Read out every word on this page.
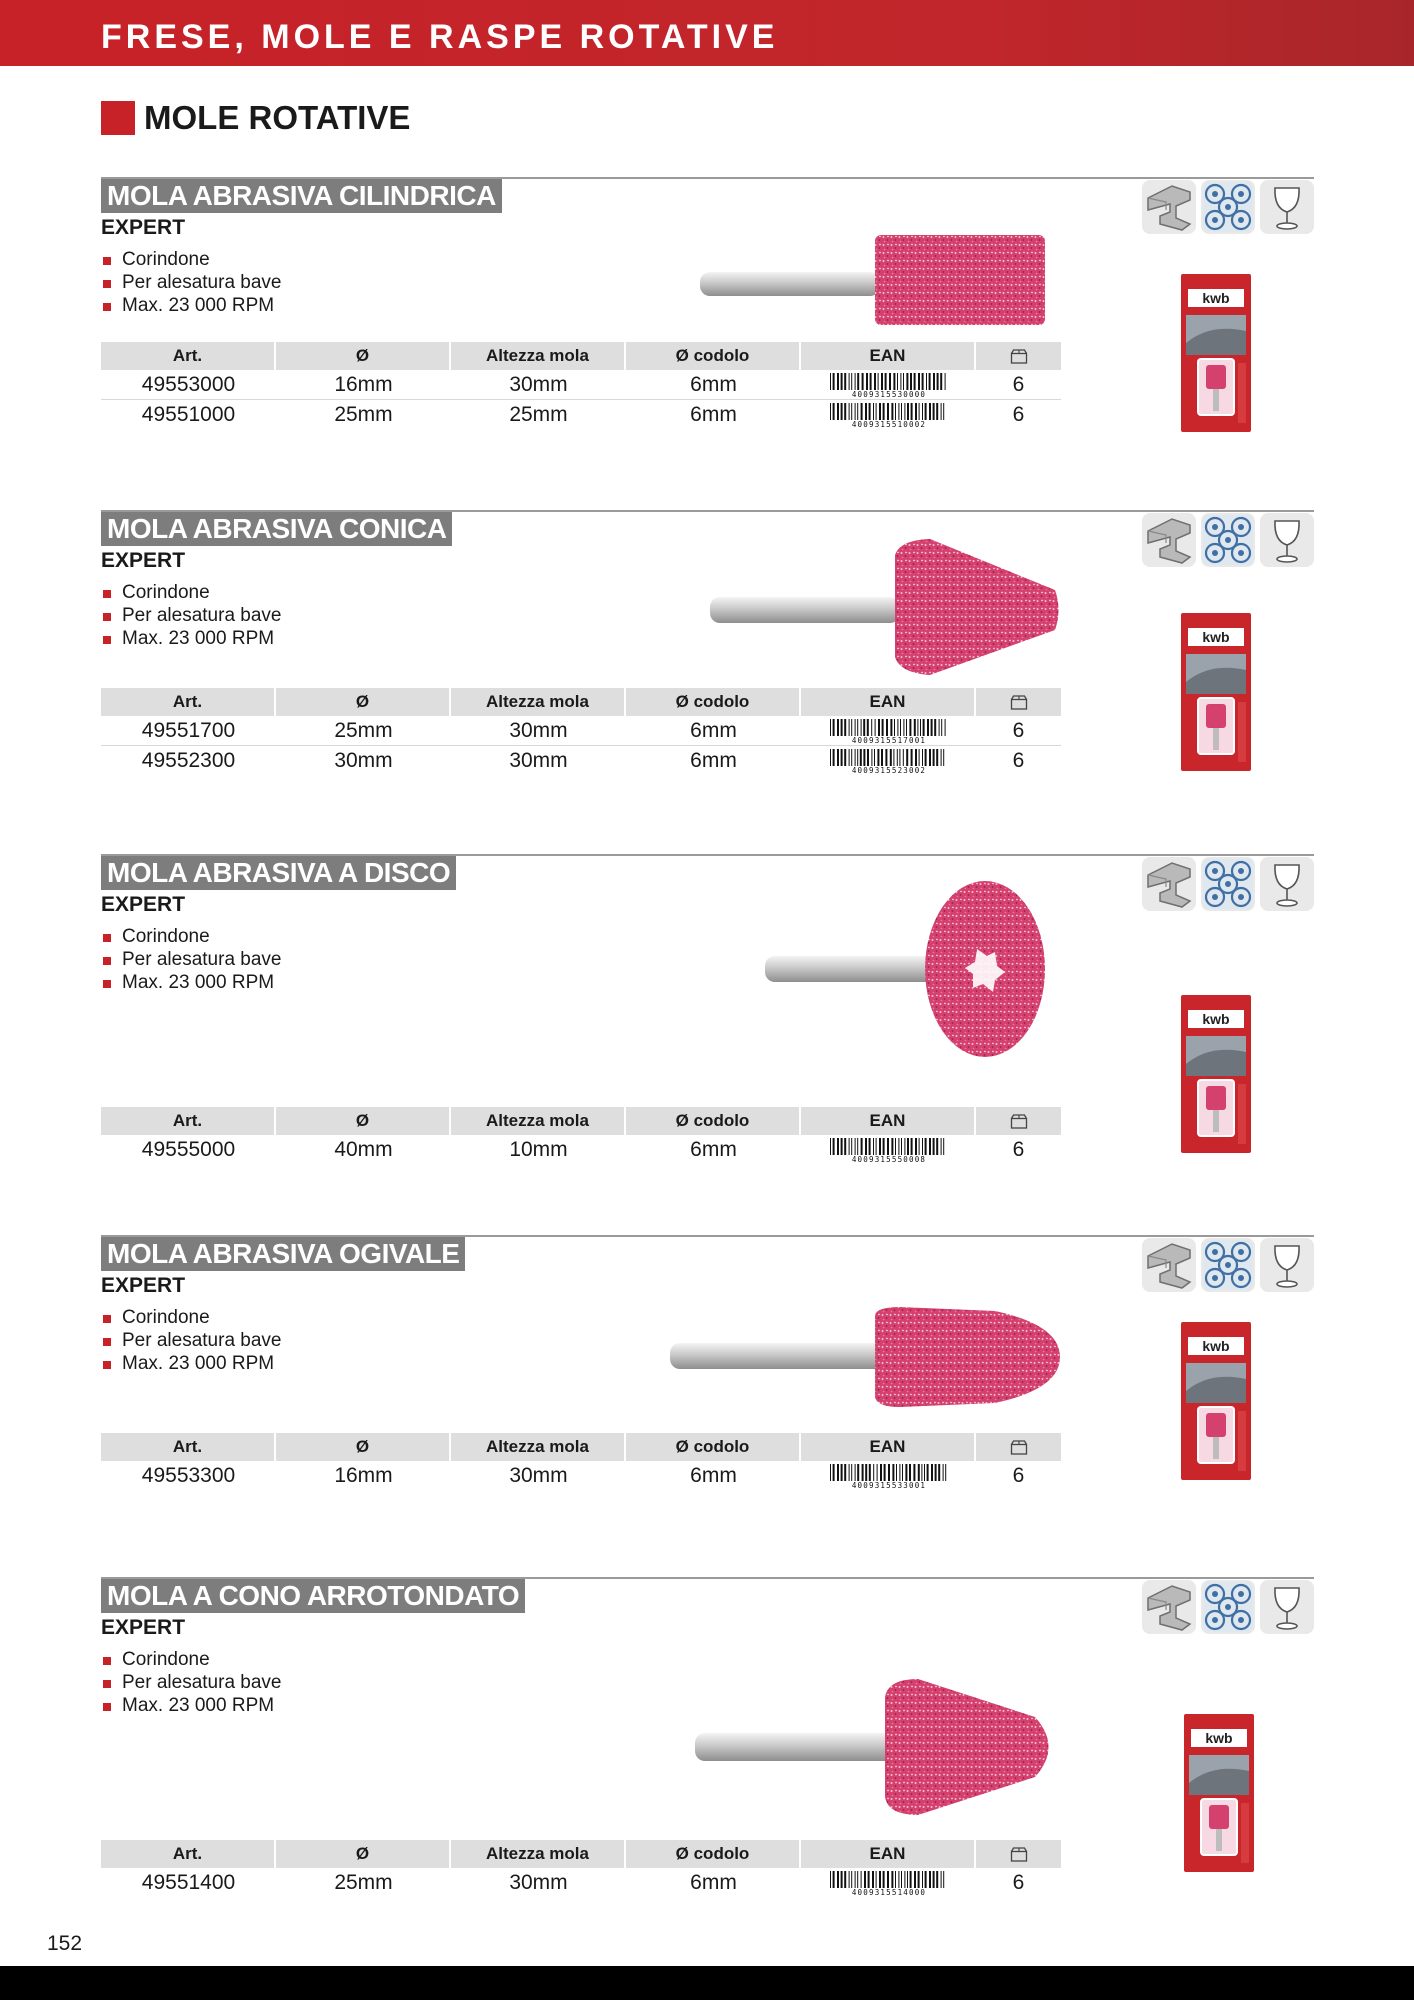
FRESE, MOLE E RASPE ROTATIVE
MOLE ROTATIVE
MOLA ABRASIVA CILINDRICA
EXPERT
Corindone
Per alesatura bave
Max. 23 000 RPM	kwb
Art.	Ø	Altezza mola	Ø codolo	EAN	
49553000	16mm	30mm	6mm	4009315530000	6
49551000	25mm	25mm	6mm	4009315510002	6
MOLA ABRASIVA CONICA
EXPERT
Corindone
Per alesatura bave
Max. 23 000 RPM	kwb
Art.	Ø	Altezza mola	Ø codolo	EAN	
49551700	25mm	30mm	6mm	4009315517001	6
49552300	30mm	30mm	6mm	4009315523002	6
MOLA ABRASIVA A DISCO
EXPERT
Corindone
Per alesatura bave
Max. 23 000 RPM
kwb
Art.	Ø	Altezza mola	Ø codolo	EAN	
49555000	40mm	10mm	6mm	4009315550008	6
MOLA ABRASIVA OGIVALE
EXPERT
Corindone
Per alesatura bave
Max. 23 000 RPM
kwb
Art.	Ø	Altezza mola	Ø codolo	EAN	
49553300	16mm	30mm	6mm	4009315533001	6
MOLA A CONO ARROTONDATO
EXPERT
Corindone
Per alesatura bave
Max. 23 000 RPM
kwb
Art.	Ø	Altezza mola	Ø codolo	EAN	
49551400	25mm	30mm	6mm	4009315514000	6
152
